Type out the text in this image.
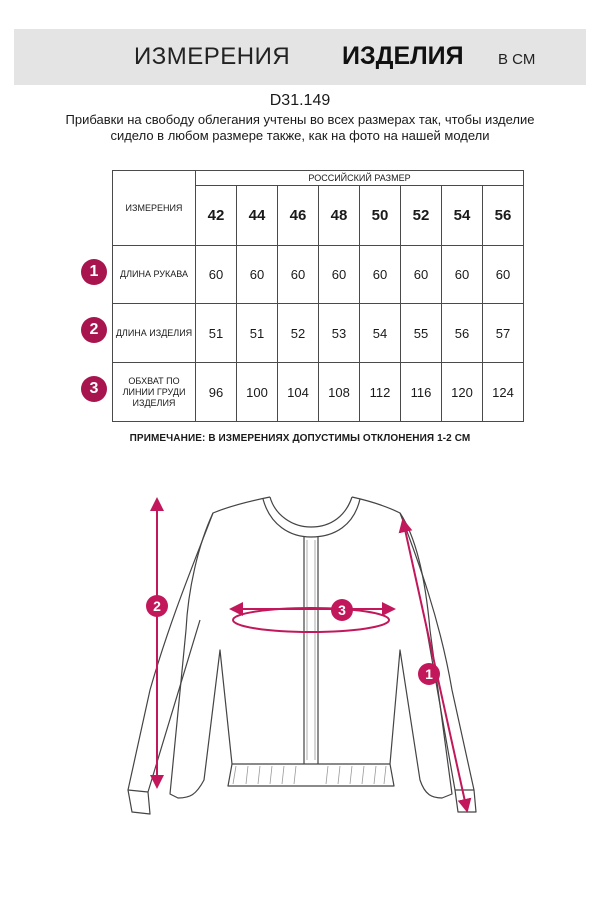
ИЗМЕРЕНИЯ ИЗДЕЛИЯ В СМ
D31.149
Прибавки на свободу облегания учтены во всех размерах так, чтобы изделие сидело в любом размере также, как на фото на нашей модели
1
2
3
ИЗМЕРЕНИЯ	РОССИЙСКИЙ РАЗМЕР							
	42	44	46	48	50	52	54	56
ДЛИНА РУКАВА	60	60	60	60	60	60	60	60
ДЛИНА ИЗДЕЛИЯ	51	51	52	53	54	55	56	57
ОБХВАТ ПО ЛИНИИ ГРУДИ ИЗДЕЛИЯ	96	100	104	108	112	116	120	124
ПРИМЕЧАНИЕ: В ИЗМЕРЕНИЯХ ДОПУСТИМЫ ОТКЛОНЕНИЯ 1-2 СМ
2	3
1
